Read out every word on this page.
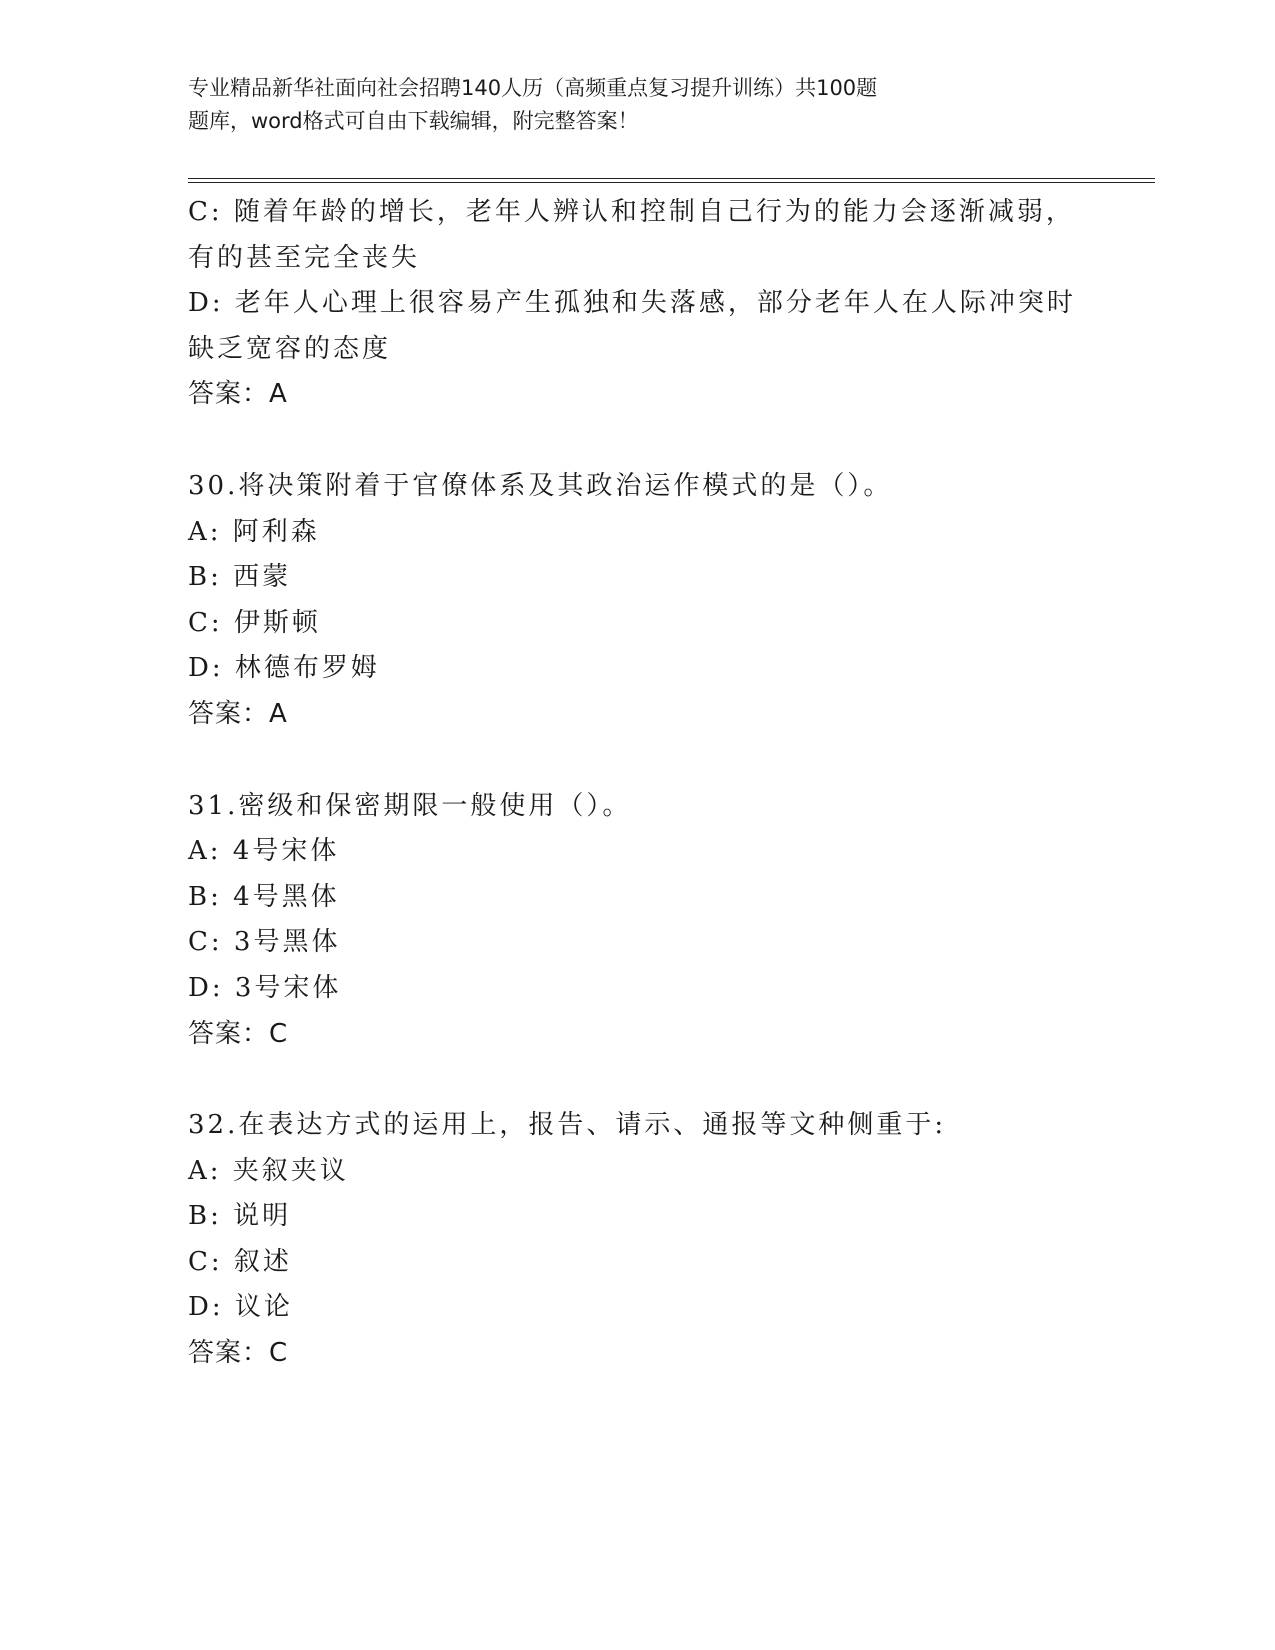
专业精品新华社面向社会招聘140人历（高频重点复习提升训练）共100题
题库，word格式可自由下载编辑，附完整答案！
C: 随着年龄的增长，老年人辨认和控制自己行为的能力会逐渐减弱，
有的甚至完全丧失
D: 老年人心理上很容易产生孤独和失落感，部分老年人在人际冲突时
缺乏宽容的态度
答案：A
30.将决策附着于官僚体系及其政治运作模式的是（）。
A: 阿利森
B: 西蒙
C: 伊斯顿
D: 林德布罗姆
答案：A
31.密级和保密期限一般使用（）。
A: 4号宋体
B: 4号黑体
C: 3号黑体
D: 3号宋体
答案：C
32.在表达方式的运用上，报告、请示、通报等文种侧重于:
A: 夹叙夹议
B: 说明
C: 叙述
D: 议论
答案：C
